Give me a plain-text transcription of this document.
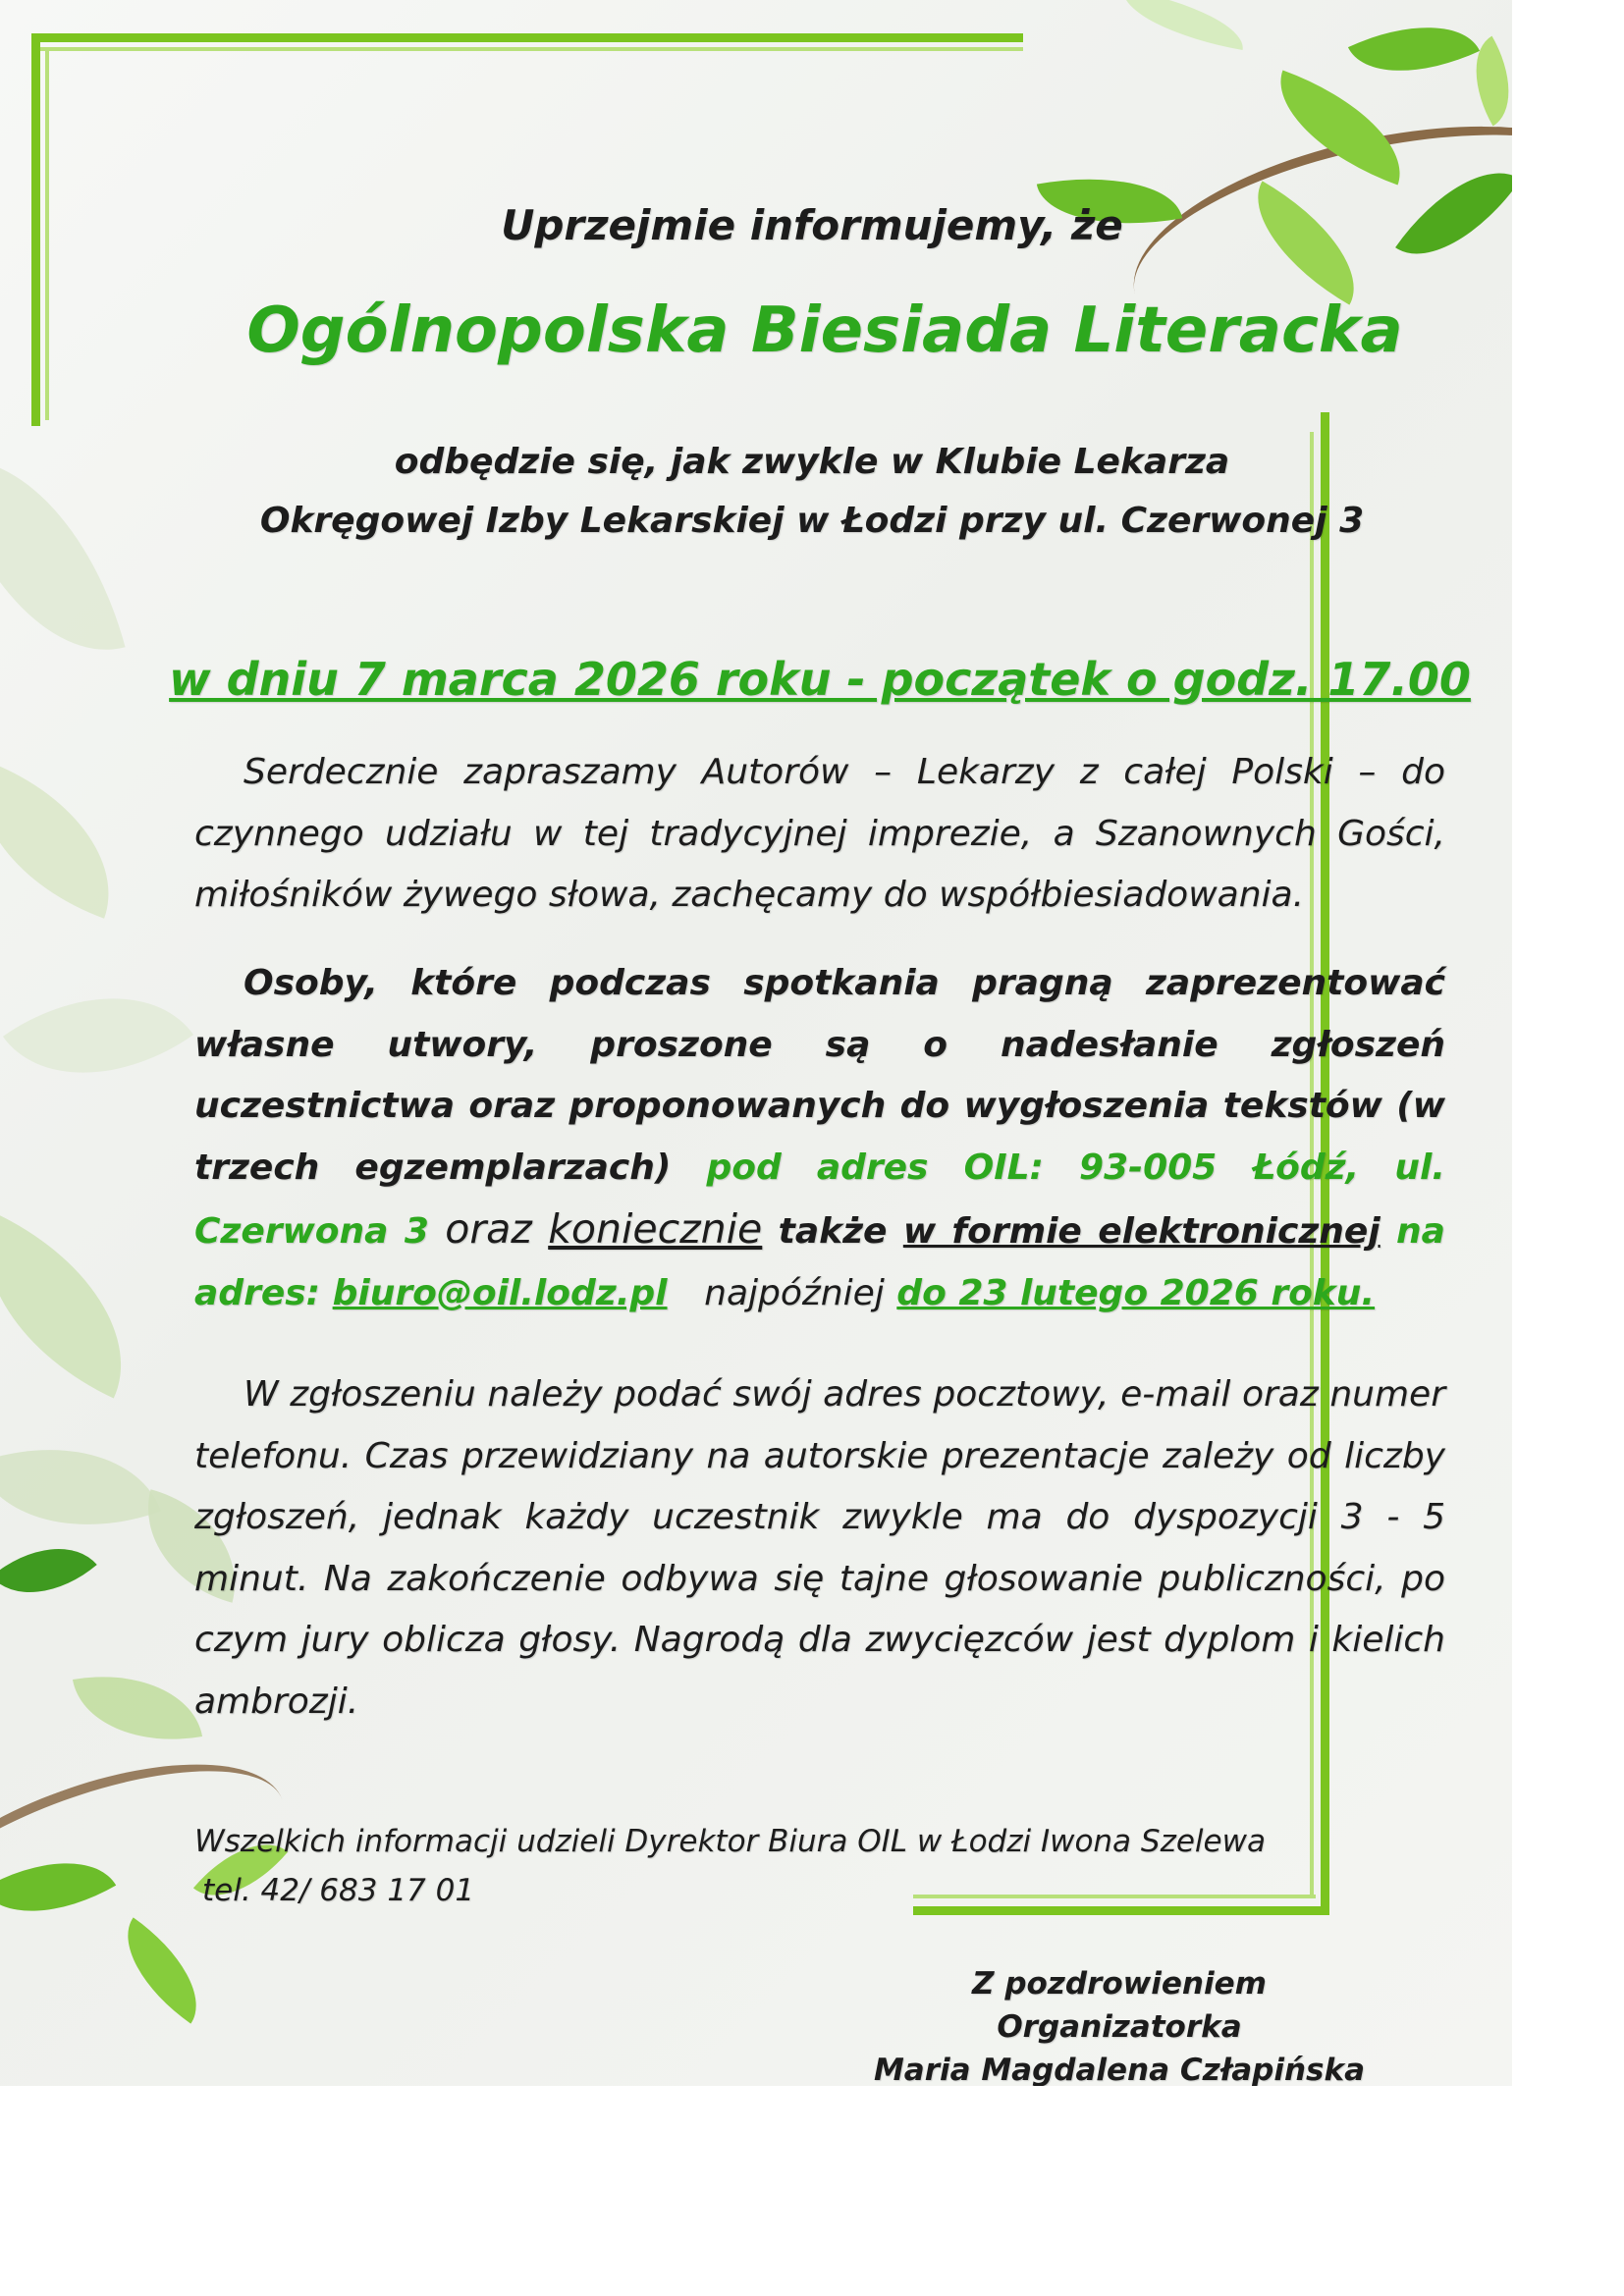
Uprzejmie informujemy, że
Ogólnopolska Biesiada Literacka
odbędzie się, jak zwykle w Klubie Lekarza
Okręgowej Izby Lekarskiej w Łodzi przy ul. Czerwonej 3
w dniu 7 marca 2026 roku - początek o godz. 17.00
Serdecznie zapraszamy Autorów – Lekarzy z całej Polski – do czynnego udziału w tej tradycyjnej imprezie, a Szanownych Gości, miłośników żywego słowa, zachęcamy do współbiesiadowania.
Osoby, które podczas spotkania pragną zaprezentować własne utwory, proszone są o nadesłanie zgłoszeń uczestnictwa oraz proponowanych do wygłoszenia tekstów (w trzech egzemplarzach) pod adres OIL: 93-005 Łódź, ul. Czerwona 3 oraz koniecznie także w formie elektronicznej na adres: biuro@oil.lodz.pl najpóźniej do 23 lutego 2026 roku.
W zgłoszeniu należy podać swój adres pocztowy, e-mail oraz numer telefonu. Czas przewidziany na autorskie prezentacje zależy od liczby zgłoszeń, jednak każdy uczestnik zwykle ma do dyspozycji 3 - 5 minut. Na zakończenie odbywa się tajne głosowanie publiczności, po czym jury oblicza głosy. Nagrodą dla zwycięzców jest dyplom i kielich ambrozji.
Wszelkich informacji udzieli Dyrektor Biura OIL w Łodzi Iwona Szelewa
tel. 42/ 683 17 01
Z pozdrowieniem
Organizatorka
Maria Magdalena Człapińska
